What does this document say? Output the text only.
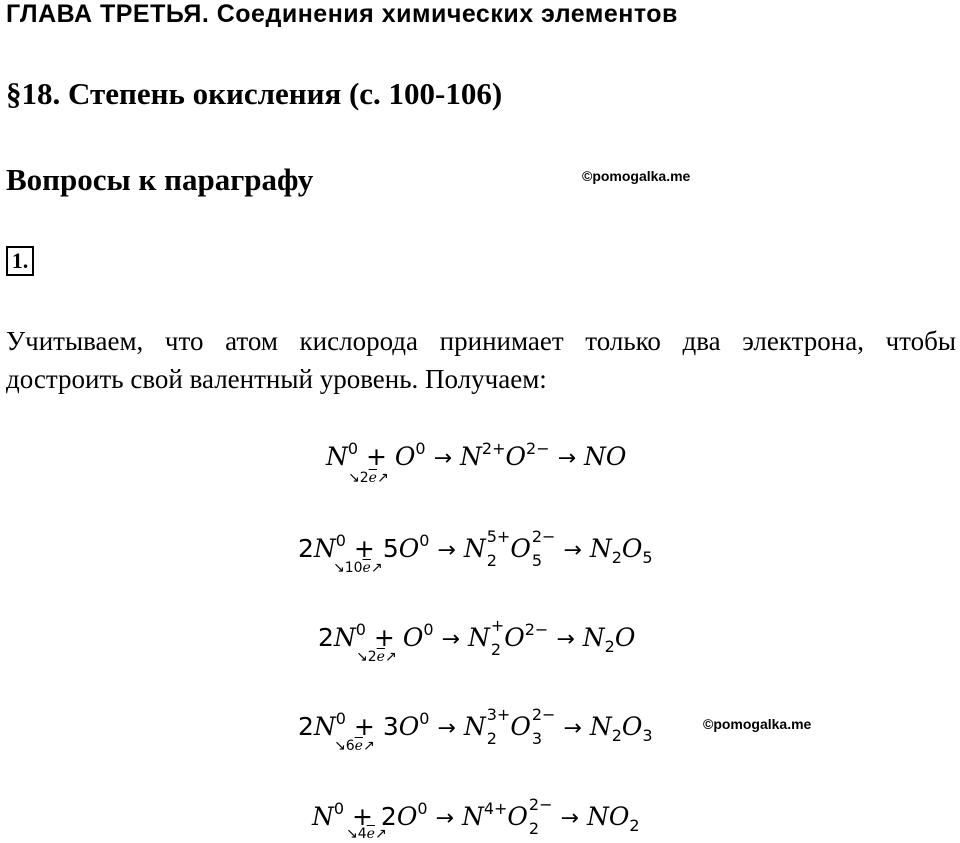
ГЛАВА ТРЕТЬЯ. Соединения химических элементов
§18. Степень окисления (с. 100-106)
Вопросы к параграфу	©pomogalka.me
1.
Учитываем, что атом кислорода принимает только два электрона, чтобы достроить свой валентный уровень. Получаем:
$N^0 + O^0 \to N^{2+}O^{2-}$ → NO
$↘2\overline{e}↗$
$2N^0 + 5O^0 \to N$ 5+
2 O 2−
$5 \to N_2O_5$
$↘10\overline{e}↗$
$2N^0 + O^0 \to N$ +
2 $O^{2-} \to N_2O$
$↘2\overline{e}↗$
$2N^0 + 3O^0 \to N$ 3+
2 O 2−
$3 \to N_2O_3$
$↘6\overline{e}↗$
©pomogalka.me
$N^0 + 2O^0 \to N^{4+}O$ 2−
$2 \to NO_2$
$↘4\overline{e}↗$
